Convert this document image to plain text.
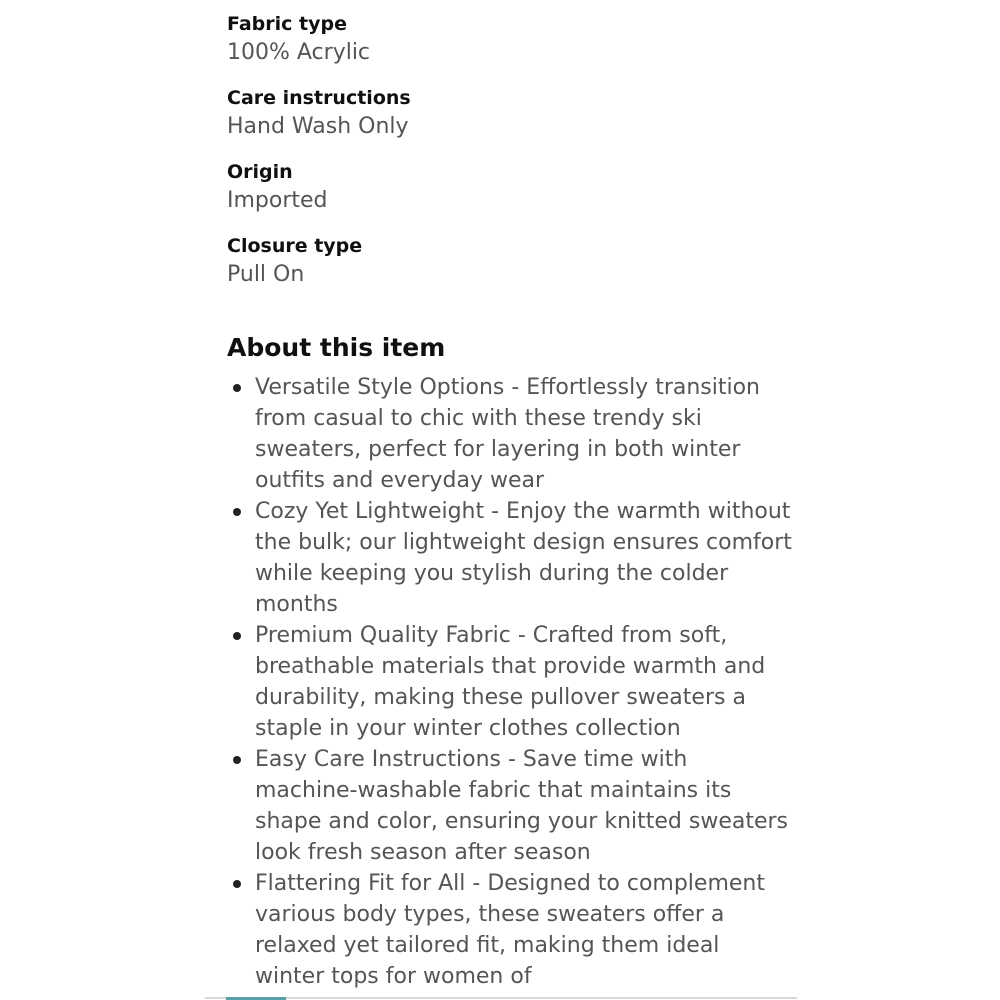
Fabric type
100% Acrylic
Care instructions
Hand Wash Only
Origin
Imported
Closure type
Pull On
About this item
Versatile Style Options - Effortlessly transition from casual to chic with these trendy ski sweaters, perfect for layering in both winter outfits and everyday wear
Cozy Yet Lightweight - Enjoy the warmth without the bulk; our lightweight design ensures comfort while keeping you stylish during the colder months
Premium Quality Fabric - Crafted from soft, breathable materials that provide warmth and durability, making these pullover sweaters a staple in your winter clothes collection
Easy Care Instructions - Save time with machine-washable fabric that maintains its shape and color, ensuring your knitted sweaters look fresh season after season
Flattering Fit for All - Designed to complement various body types, these sweaters offer a relaxed yet tailored fit, making them ideal winter tops for women of
